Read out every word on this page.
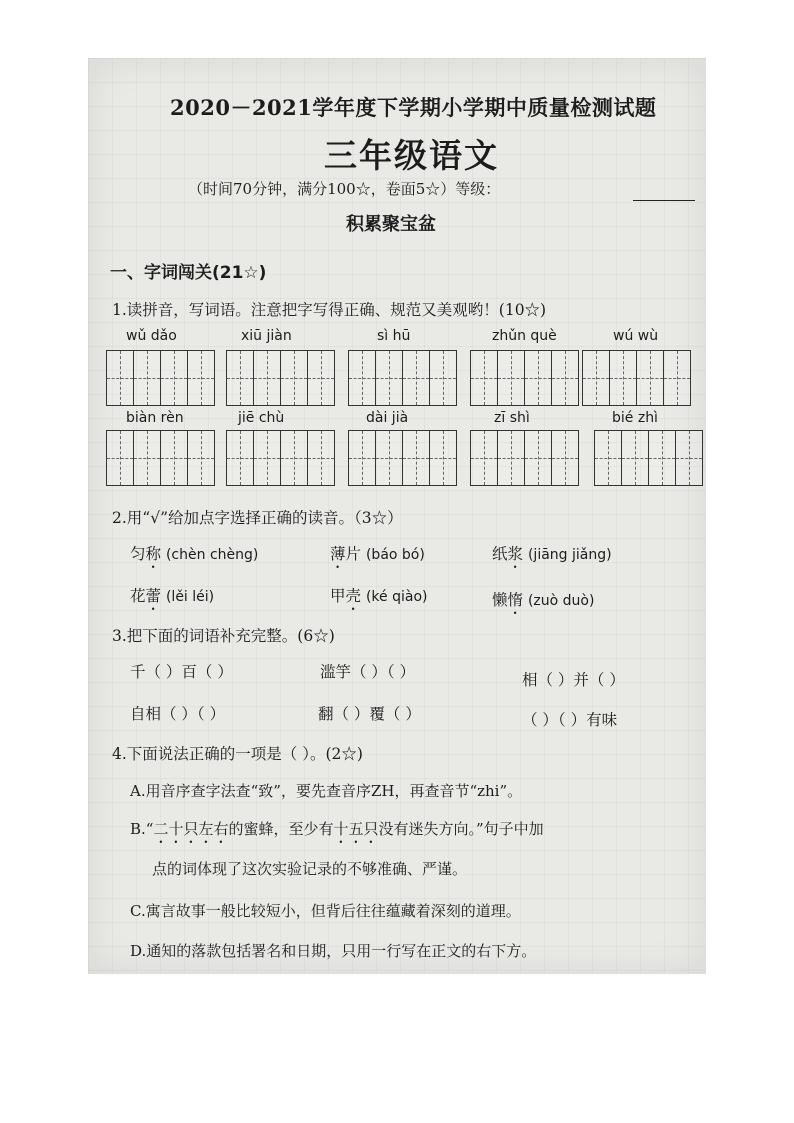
2020－2021学年度下学期小学期中质量检测试题
三年级语文
（时间70分钟，满分100☆，卷面5☆）等级：
积累聚宝盆
一、字词闯关(21☆)
1.读拼音，写词语。注意把字写得正确、规范又美观哟！(10☆)
wǔ dǎo	xiū jiàn	sì hū	zhǔn què	wú wù
biàn rèn	jiē chù	dài jià	zī shì	bié zhì
2.用“√”给加点字选择正确的读音。（3☆）
匀称 (chèn chèng)	薄片 (báo bó)	纸浆 (jiāng jiǎng)
花蕾 (lěi léi)	甲壳 (ké qiào)	懒惰 (zuò duò)
3.把下面的词语补充完整。(6☆)
千（ ）百（ ）	滥竽（ ）（ ）	相（ ）并（ ）
自相（ ）（ ）	翻（ ）覆（ ）	（ ）（ ）有味
4.下面说法正确的一项是（ ）。(2☆)
A.用音序查字法查“致”，要先查音序ZH，再查音节“zhi”。
B.“二十只左右的蜜蜂，至少有十五只没有迷失方向。”句子中加
点的词体现了这次实验记录的不够准确、严谨。
C.寓言故事一般比较短小，但背后往往蕴藏着深刻的道理。
D.通知的落款包括署名和日期，只用一行写在正文的右下方。
